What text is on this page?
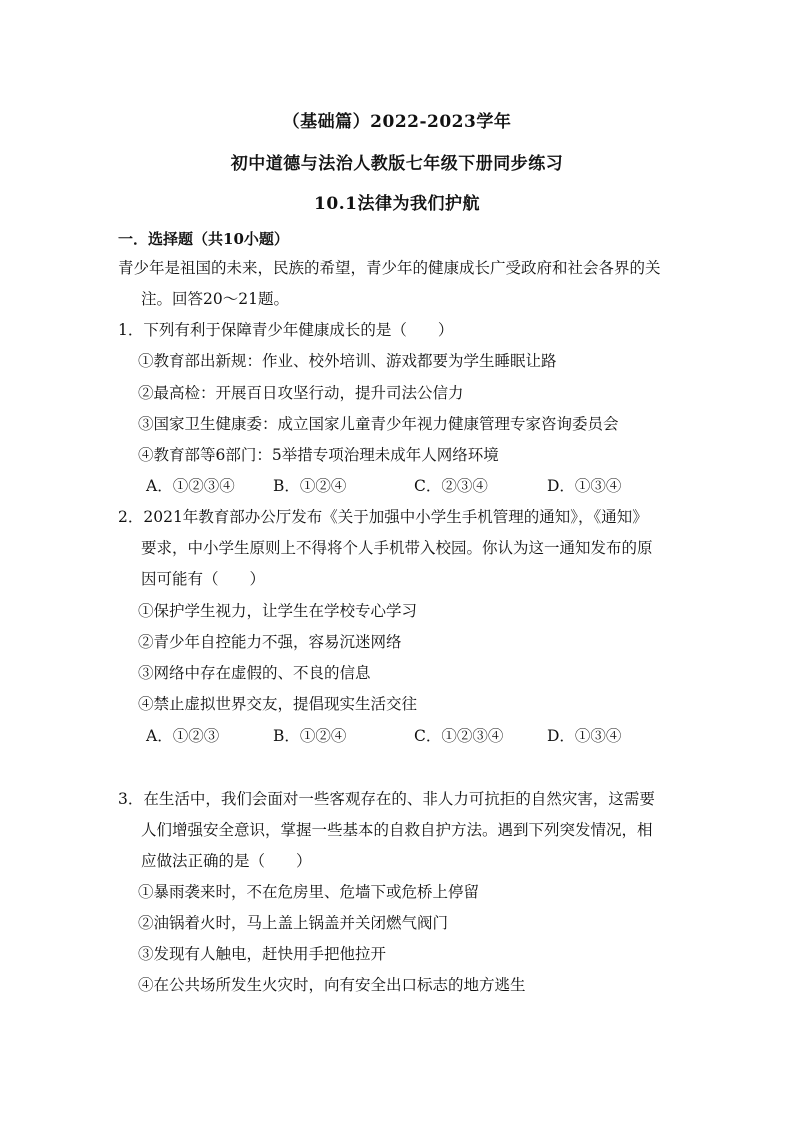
（基础篇）2022-2023学年
初中道德与法治人教版七年级下册同步练习
10.1法律为我们护航
一．选择题（共10小题）
青少年是祖国的未来，民族的希望，青少年的健康成长广受政府和社会各界的关
注。回答20～21题。
1．下列有利于保障青少年健康成长的是（　　）
①教育部出新规：作业、校外培训、游戏都要为学生睡眠让路
②最高检：开展百日攻坚行动，提升司法公信力
③国家卫生健康委：成立国家儿童青少年视力健康管理专家咨询委员会
④教育部等6部门：5举措专项治理未成年人网络环境
A．①②③④ B．①②④	C．②③④	D．①③④
2．2021年教育部办公厅发布《关于加强中小学生手机管理的通知》，《通知》
要求，中小学生原则上不得将个人手机带入校园。你认为这一通知发布的原
因可能有（　　）
①保护学生视力，让学生在学校专心学习
②青少年自控能力不强，容易沉迷网络
③网络中存在虚假的、不良的信息
④禁止虚拟世界交友，提倡现实生活交往
A．①②③	B．①②④	C．①②③④	D．①③④
3．在生活中，我们会面对一些客观存在的、非人力可抗拒的自然灾害，这需要
人们增强安全意识，掌握一些基本的自救自护方法。遇到下列突发情况，相
应做法正确的是（　　）
①暴雨袭来时，不在危房里、危墙下或危桥上停留
②油锅着火时，马上盖上锅盖并关闭燃气阀门
③发现有人触电，赶快用手把他拉开
④在公共场所发生火灾时，向有安全出口标志的地方逃生
